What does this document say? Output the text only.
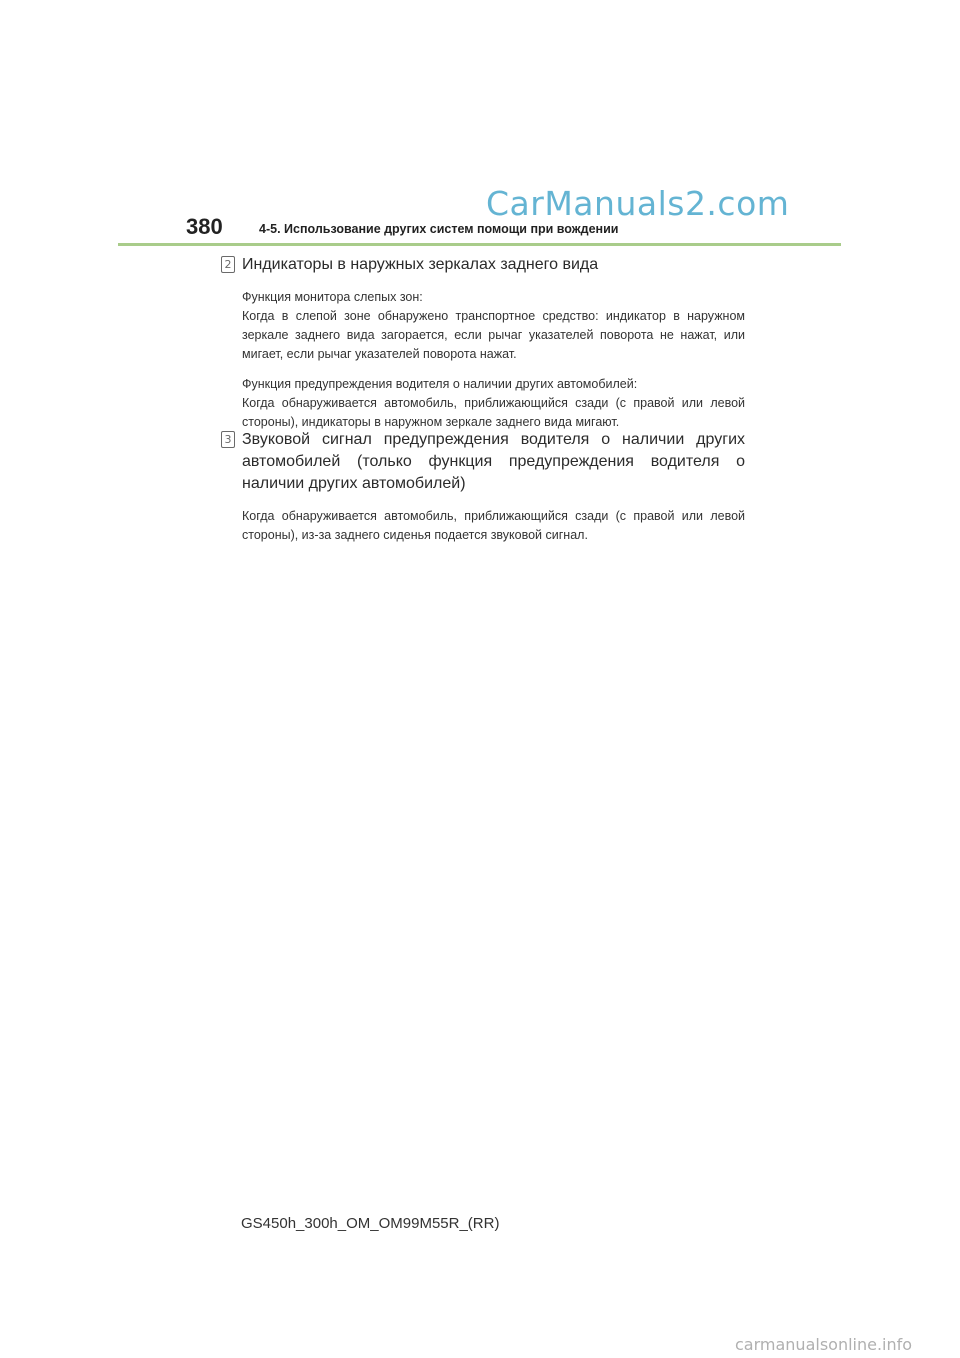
CarManuals2.com
380	4-5. Использование других систем помощи при вождении
2 Индикаторы в наружных зеркалах заднего вида

Функция монитора слепых зон:
Когда в слепой зоне обнаружено транспортное средство: индикатор в наружном зеркале заднего вида загорается, если рычаг указателей поворота не нажат, или мигает, если рычаг указателей поворота нажат.

Функция предупреждения водителя о наличии других автомобилей:
Когда обнаруживается автомобиль, приближающийся сзади (с правой или левой стороны), индикаторы в наружном зеркале заднего вида мигают.

3 Звуковой сигнал предупреждения водителя о наличии других автомобилей (только функция предупреждения водителя о наличии других автомобилей)

Когда обнаруживается автомобиль, приближающийся сзади (с правой или левой стороны), из-за заднего сиденья подается звуковой сигнал.

GS450h_300h_OM_OM99M55R_(RR)
carmanualsonline.info
